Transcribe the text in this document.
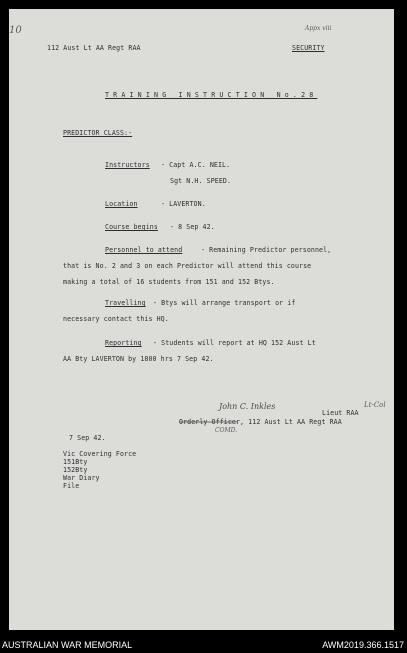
10	Appx viii
112 Aust Lt AA Regt RAA	SECURITY
TRAINING INSTRUCTION No.28
PREDICTOR CLASS:-
Instructors - Capt A.C. NEIL.
Sgt N.H. SPEED.
Location	- LAVERTON.
Course begins - 8 Sep 42.
Personnel to attend	- Remaining Predictor personnel,
that is No. 2 and 3 on each Predictor will attend this course
making a total of 16 students from 151 and 152 Btys.
Travelling - Btys will arrange transport or if
necessary contact this HQ.
Reporting - Students will report at HQ 152 Aust Lt
AA Bty LAVERTON by 1800 hrs 7 Sep 42.
John C. Inkles
Lieut RAA
Lt-Col
Orderly Officer, 112 Aust Lt AA Regt RAA
COMD.
7 Sep 42.
Vic Covering Force
151Bty
152Bty
War Diary
File
AUSTRALIAN WAR MEMORIAL	AWM2019.366.1517
